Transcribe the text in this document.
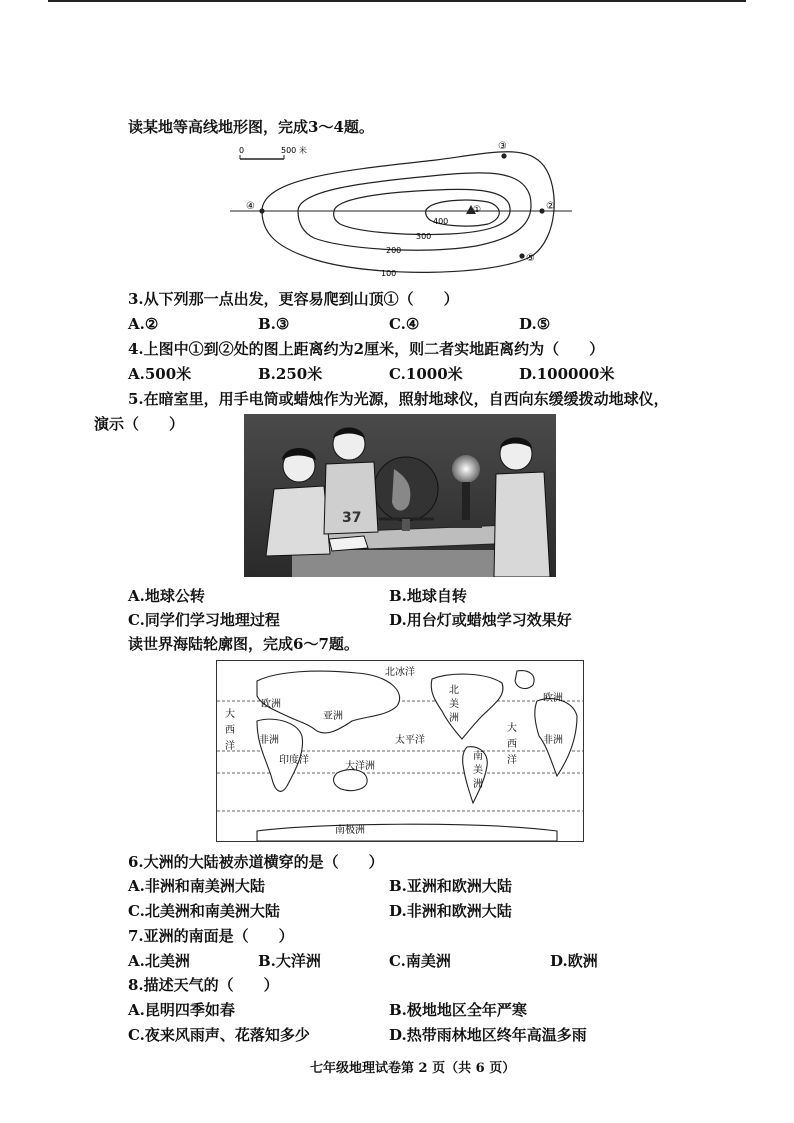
读某地等高线地形图，完成3～4题。
0	500 米
400
300
200
100
①
④	②
③
⑤
3.从下列那一点出发，更容易爬到山顶①（　　）
A.②	B.③	C.④	D.⑤
4.上图中①到②处的图上距离约为2厘米，则二者实地距离约为（　　）
A.500米	B.250米	C.1000米	D.100000米
5.在暗室里，用手电筒或蜡烛作为光源，照射地球仪，自西向东缓缓拨动地球仪，
演示（　　）
37
A.地球公转	B.地球自转
C.同学们学习地理过程	D.用台灯或蜡烛学习效果好
读世界海陆轮廓图，完成6～7题。
北冰洋
欧洲
亚洲
非洲
大
西
洋
印度洋
太平洋
大洋洲
北
美
洲
南
美
洲
大
西
洋
欧洲
非洲
南极洲
6.大洲的大陆被赤道横穿的是（　　）
A.非洲和南美洲大陆	B.亚洲和欧洲大陆
C.北美洲和南美洲大陆	D.非洲和欧洲大陆
7.亚洲的南面是（　　）
A.北美洲	B.大洋洲	C.南美洲	D.欧洲
8.描述天气的（　　）
A.昆明四季如春	B.极地地区全年严寒
C.夜来风雨声、花落知多少	D.热带雨林地区终年高温多雨
七年级地理试卷第 2 页（共 6 页）
